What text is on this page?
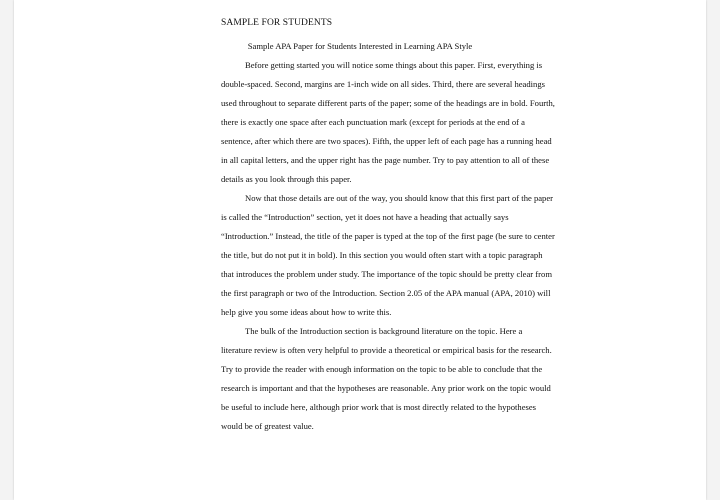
SAMPLE FOR STUDENTS
Sample APA Paper for Students Interested in Learning APA Style
Before getting started you will notice some things about this paper. First, everything is
double-spaced. Second, margins are 1-inch wide on all sides. Third, there are several headings
used throughout to separate different parts of the paper; some of the headings are in bold. Fourth,
there is exactly one space after each punctuation mark (except for periods at the end of a
sentence, after which there are two spaces). Fifth, the upper left of each page has a running head
in all capital letters, and the upper right has the page number. Try to pay attention to all of these
details as you look through this paper.
Now that those details are out of the way, you should know that this first part of the paper
is called the “Introduction” section, yet it does not have a heading that actually says
“Introduction.” Instead, the title of the paper is typed at the top of the first page (be sure to center
the title, but do not put it in bold). In this section you would often start with a topic paragraph
that introduces the problem under study. The importance of the topic should be pretty clear from
the first paragraph or two of the Introduction. Section 2.05 of the APA manual (APA, 2010) will
help give you some ideas about how to write this.
The bulk of the Introduction section is background literature on the topic. Here a
literature review is often very helpful to provide a theoretical or empirical basis for the research.
Try to provide the reader with enough information on the topic to be able to conclude that the
research is important and that the hypotheses are reasonable. Any prior work on the topic would
be useful to include here, although prior work that is most directly related to the hypotheses
would be of greatest value.
